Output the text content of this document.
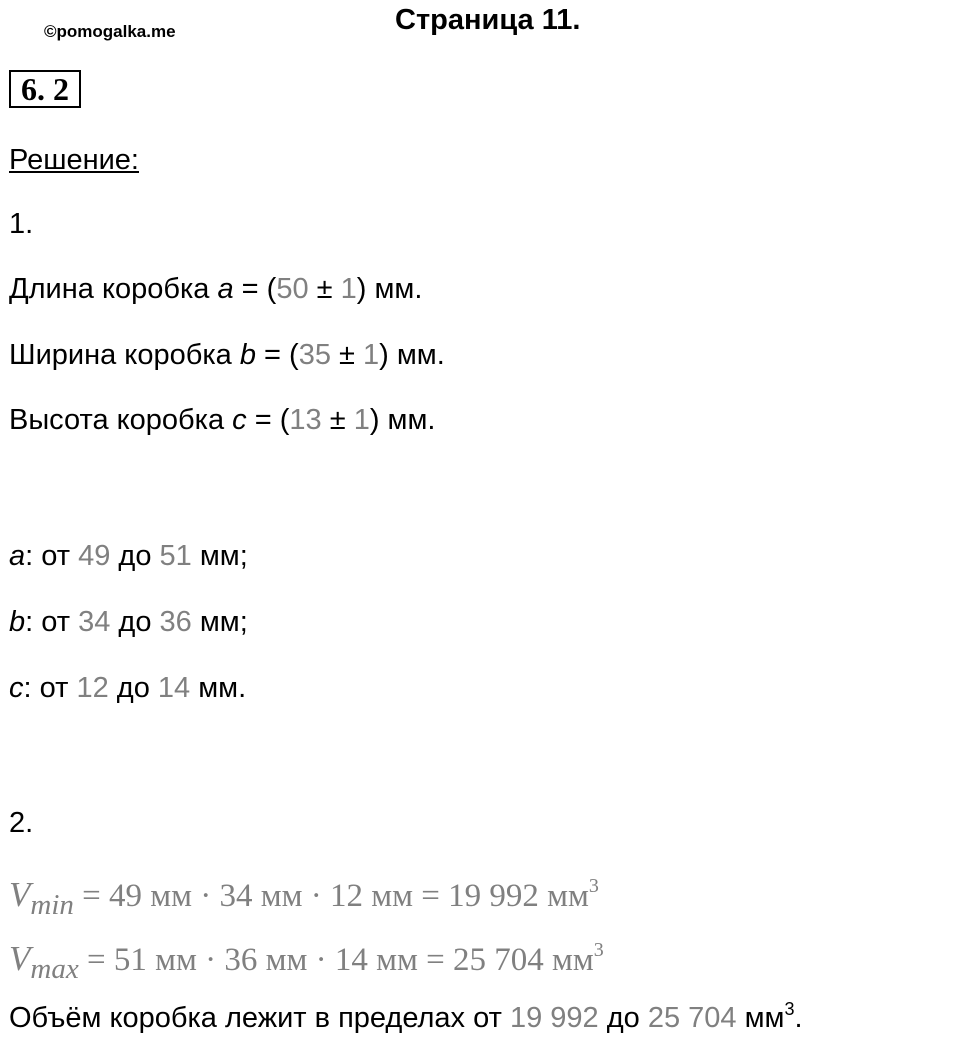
©pomogalka.me	Страница 11.
6. 2
Решение:
1.
Длина коробка a = (50 ± 1) мм.
Ширина коробка b = (35 ± 1) мм.
Высота коробка c = (13 ± 1) мм.
a: от 49 до 51 мм;
b: от 34 до 36 мм;
c: от 12 до 14 мм.
2.
$V_{min} = 49$ мм · 34 мм · 12 мм = 19 992 $мм^3$
$V_{max} = 51$ мм · 36 мм · 14 мм = 25 704 $мм^3$
Объём коробка лежит в пределах от 19 992 до 25 704 $мм^3$.
